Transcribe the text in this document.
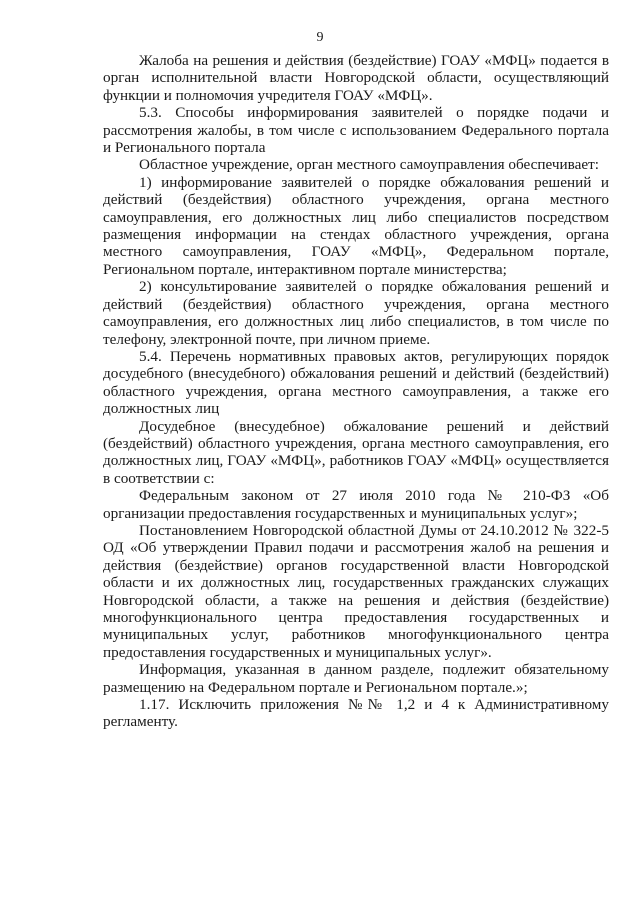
9

Жалоба на решения и действия (бездействие) ГОАУ «МФЦ» подается в орган исполнительной власти Новгородской области, осуществляющий функции и полномочия учредителя ГОАУ «МФЦ».

5.3. Способы информирования заявителей о порядке подачи и рассмотрения жалобы, в том числе с использованием Федерального портала и Регионального портала

Областное учреждение, орган местного самоуправления обеспечивает:

1) информирование заявителей о порядке обжалования решений и действий (бездействия) областного учреждения, органа местного самоуправления, его должностных лиц либо специалистов посредством размещения информации на стендах областного учреждения, органа местного самоуправления, ГОАУ «МФЦ», Федеральном портале, Региональном портале, интерактивном портале министерства;

2) консультирование заявителей о порядке обжалования решений и действий (бездействия) областного учреждения, органа местного самоуправления, его должностных лиц либо специалистов, в том числе по телефону, электронной почте, при личном приеме.

5.4. Перечень нормативных правовых актов, регулирующих порядок досудебного (внесудебного) обжалования решений и действий (бездействий) областного учреждения, органа местного самоуправления, а также его должностных лиц

Досудебное (внесудебное) обжалование решений и действий (бездействий) областного учреждения, органа местного самоуправления, его должностных лиц, ГОАУ «МФЦ», работников ГОАУ «МФЦ» осуществляется в соответствии с:

Федеральным законом от 27 июля 2010 года № 210-ФЗ «Об организации предоставления государственных и муниципальных услуг»;

Постановлением Новгородской областной Думы от 24.10.2012 № 322-5 ОД «Об утверждении Правил подачи и рассмотрения жалоб на решения и действия (бездействие) органов государственной власти Новгородской области и их должностных лиц, государственных гражданских служащих Новгородской области, а также на решения и действия (бездействие) многофункционального центра предоставления государственных и муниципальных услуг, работников многофункционального центра предоставления государственных и муниципальных услуг».

Информация, указанная в данном разделе, подлежит обязательному размещению на Федеральном портале и Региональном портале.»;

1.17. Исключить приложения №№ 1,2 и 4 к Административному регламенту.
